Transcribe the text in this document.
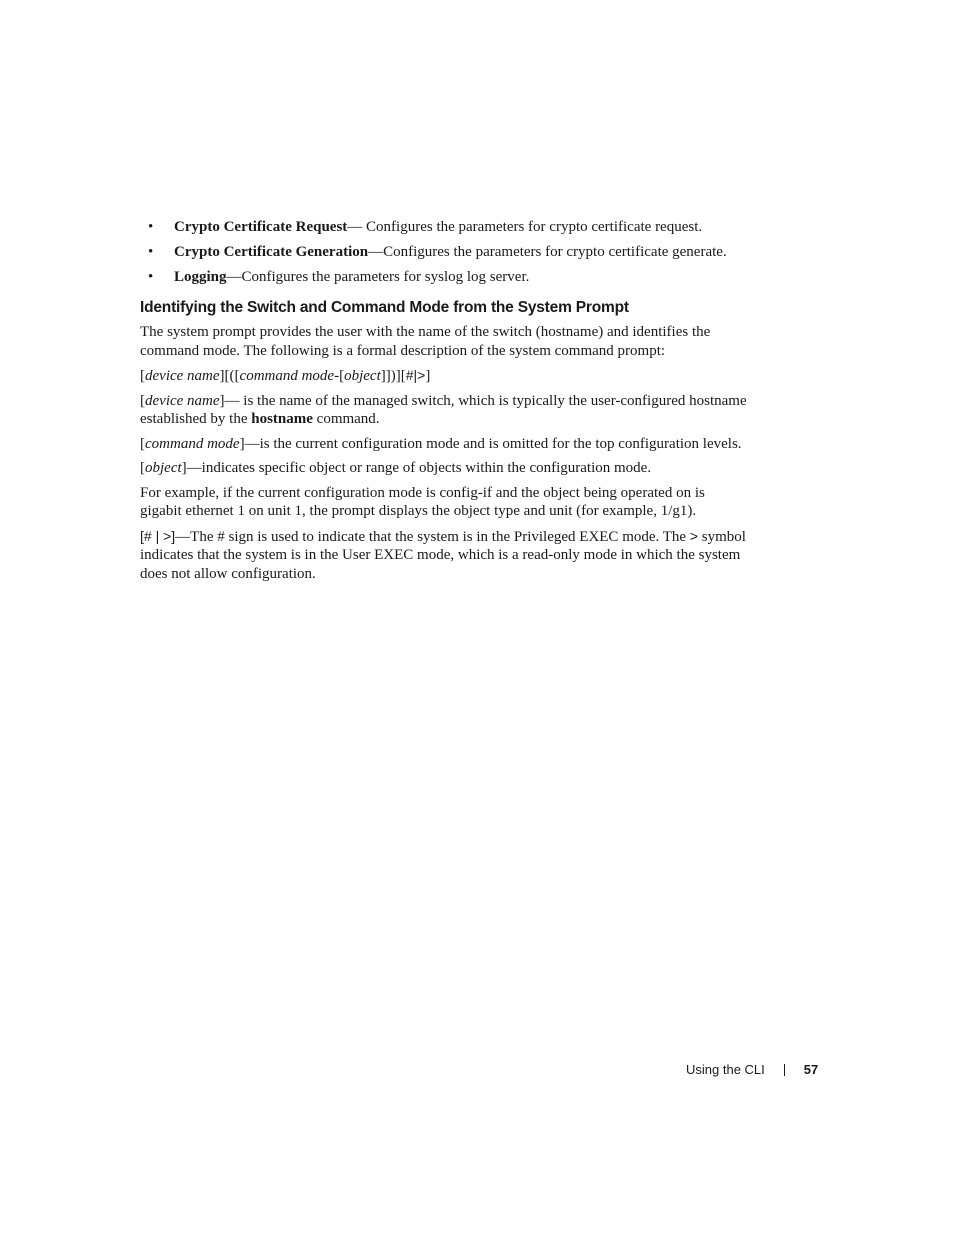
• Crypto Certificate Request— Configures the parameters for crypto certificate request.
• Crypto Certificate Generation—Configures the parameters for crypto certificate generate.
• Logging—Configures the parameters for syslog log server.
Identifying the Switch and Command Mode from the System Prompt

The system prompt provides the user with the name of the switch (hostname) and identifies the command mode. The following is a formal description of the system command prompt:

[device name][([command mode-[object]])][#|>]

[device name]— is the name of the managed switch, which is typically the user-configured hostname established by the hostname command.

[command mode]—is the current configuration mode and is omitted for the top configuration levels.

[object]—indicates specific object or range of objects within the configuration mode.

For example, if the current configuration mode is config-if and the object being operated on is gigabit ethernet 1 on unit 1, the prompt displays the object type and unit (for example, 1/g1).

[# | >]—The # sign is used to indicate that the system is in the Privileged EXEC mode. The > symbol indicates that the system is in the User EXEC mode, which is a read-only mode in which the system does not allow configuration.

Using the CLI	57
